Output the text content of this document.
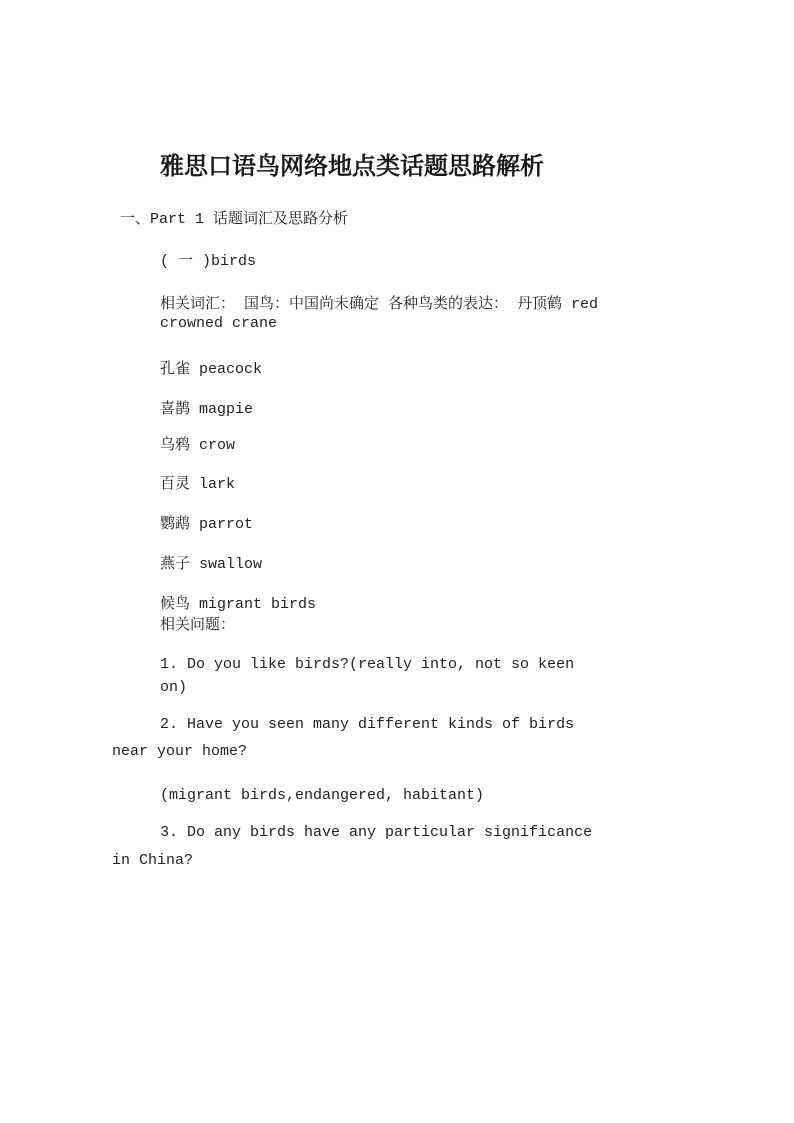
雅思口语鸟网络地点类话题思路解析

一、Part 1 话题词汇及思路分析

( 一 )birds

相关词汇： 国鸟：中国尚未确定 各种鸟类的表达： 丹顶鹤 red

crowned crane

孔雀 peacock

喜鹊 magpie

乌鸦 crow

百灵 lark

鹦鹉 parrot

燕子 swallow

候鸟 migrant birds

相关问题：

1. Do you like birds?(really into, not so keen

on)

2. Have you seen many different kinds of birds

near your home?

(migrant birds,endangered, habitant)

3. Do any birds have any particular significance

in China?
